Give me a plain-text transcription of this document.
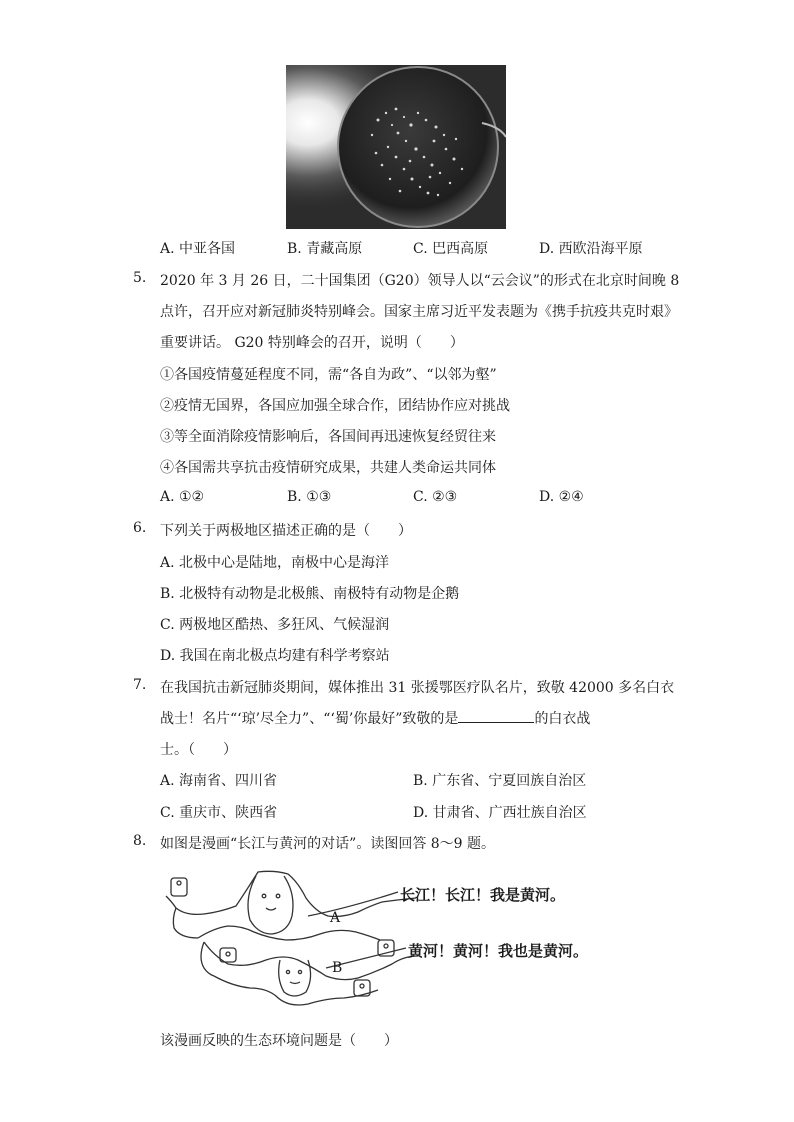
A. 中亚各国	B. 青藏高原	C. 巴西高原	D. 西欧沿海平原
5. 2020 年 3 月 26 日，二十国集团（G20）领导人以“云会议”的形式在北京时间晚 8
点许，召开应对新冠肺炎特别峰会。国家主席习近平发表题为《携手抗疫共克时艰》
重要讲话。 G20 特别峰会的召开，说明（　　）
①各国疫情蔓延程度不同，需“各自为政”、“以邻为壑”
②疫情无国界，各国应加强全球合作，团结协作应对挑战
③等全面消除疫情影响后，各国间再迅速恢复经贸往来
④各国需共享抗击疫情研究成果，共建人类命运共同体
A. ①②	B. ①③	C. ②③	D. ②④
6. 下列关于两极地区描述正确的是（　　）
A. 北极中心是陆地，南极中心是海洋
B. 北极特有动物是北极熊、南极特有动物是企鹅
C. 两极地区酷热、多狂风、气候湿润
D. 我国在南北极点均建有科学考察站
7. 在我国抗击新冠肺炎期间，媒体推出 31 张援鄂医疗队名片，致敬 42000 多名白衣
战士！名片“‘琼’尽全力”、“‘蜀’你最好”致敬的是	的白衣战
士。（　　）
A. 海南省、四川省	B. 广东省、宁夏回族自治区
C. 重庆市、陕西省	D. 甘肃省、广西壮族自治区
8. 如图是漫画“长江与黄河的对话”。读图回答 8～9 题。
A
B
长江！长江！我是黄河。
黄河！黄河！我也是黄河。
该漫画反映的生态环境问题是（　　）
